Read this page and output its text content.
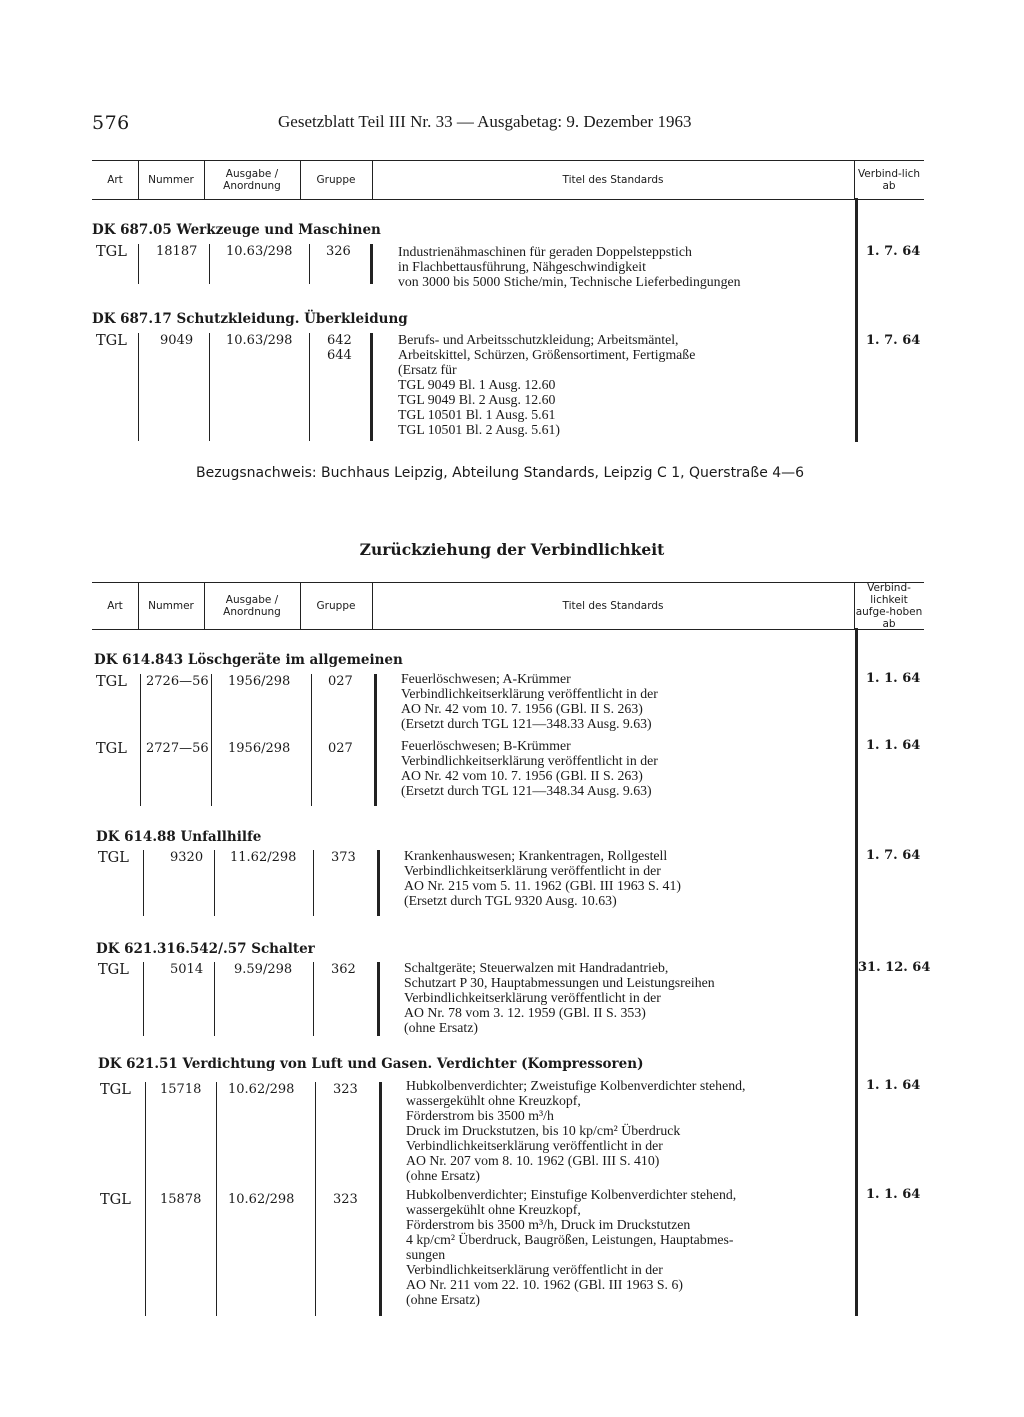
576	Gesetzblatt Teil III Nr. 33 — Ausgabetag: 9. Dezember 1963
Art	Nummer	Ausgabe / Anordnung	Gruppe	Titel des Standards	Verbind-lich ab
DK 687.05 Werkzeuge und Maschinen
TGL 18187 10.63/298	326	Industrienähmaschinen für geraden Doppelsteppstich
in Flachbettausführung, Nähgeschwindigkeit
von 3000 bis 5000 Stiche/min, Technische Lieferbedingungen
1. 7. 64
DK 687.17 Schutzkleidung. Überkleidung
TGL	9049	10.63/298	642
644
Berufs- und Arbeitsschutzkleidung; Arbeitsmäntel,
Arbeitskittel, Schürzen, Größensortiment, Fertigmaße
(Ersatz für
TGL 9049 Bl. 1 Ausg. 12.60
TGL 9049 Bl. 2 Ausg. 12.60
TGL 10501 Bl. 1 Ausg. 5.61
TGL 10501 Bl. 2 Ausg. 5.61)
1. 7. 64
Bezugsnachweis: Buchhaus Leipzig, Abteilung Standards, Leipzig C 1, Querstraße 4—6
Zurückziehung der Verbindlichkeit
Art	Nummer	Ausgabe / Anordnung	Gruppe	Titel des Standards
Verbind-lichkeit aufge-hoben ab
DK 614.843 Löschgeräte im allgemeinen
TGL 2726—56 1956/298	027	Feuerlöschwesen; A-Krümmer
Verbindlichkeitserklärung veröffentlicht in der
AO Nr. 42 vom 10. 7. 1956 (GBl. II S. 263)
(Ersetzt durch TGL 121—348.33 Ausg. 9.63)
1. 1. 64
TGL 2727—56 1956/298	027	Feuerlöschwesen; B-Krümmer
Verbindlichkeitserklärung veröffentlicht in der
AO Nr. 42 vom 10. 7. 1956 (GBl. II S. 263)
(Ersetzt durch TGL 121—348.34 Ausg. 9.63)
1. 1. 64
DK 614.88 Unfallhilfe
TGL	9320 11.62/298	373	Krankenhauswesen; Krankentragen, Rollgestell
Verbindlichkeitserklärung veröffentlicht in der
AO Nr. 215 vom 5. 11. 1962 (GBl. III 1963 S. 41)
(Ersetzt durch TGL 9320 Ausg. 10.63)
1. 7. 64
DK 621.316.542/.57 Schalter
TGL	5014 9.59/298	362	Schaltgeräte; Steuerwalzen mit Handradantrieb,
Schutzart P 30, Hauptabmessungen und Leistungsreihen
Verbindlichkeitserklärung veröffentlicht in der
AO Nr. 78 vom 3. 12. 1959 (GBl. II S. 353)
(ohne Ersatz)
31. 12. 64
DK 621.51 Verdichtung von Luft und Gasen. Verdichter (Kompressoren)
TGL 15718 10.62/298	323	Hubkolbenverdichter; Zweistufige Kolbenverdichter stehend,
wassergekühlt ohne Kreuzkopf,
Förderstrom bis 3500 m³/h
Druck im Druckstutzen, bis 10 kp/cm² Überdruck
Verbindlichkeitserklärung veröffentlicht in der
AO Nr. 207 vom 8. 10. 1962 (GBl. III S. 410)
(ohne Ersatz)
1. 1. 64
TGL 15878 10.62/298	323	Hubkolbenverdichter; Einstufige Kolbenverdichter stehend,
wassergekühlt ohne Kreuzkopf,
Förderstrom bis 3500 m³/h, Druck im Druckstutzen
4 kp/cm² Überdruck, Baugrößen, Leistungen, Hauptabmes-
sungen
Verbindlichkeitserklärung veröffentlicht in der
AO Nr. 211 vom 22. 10. 1962 (GBl. III 1963 S. 6)
(ohne Ersatz)
1. 1. 64
